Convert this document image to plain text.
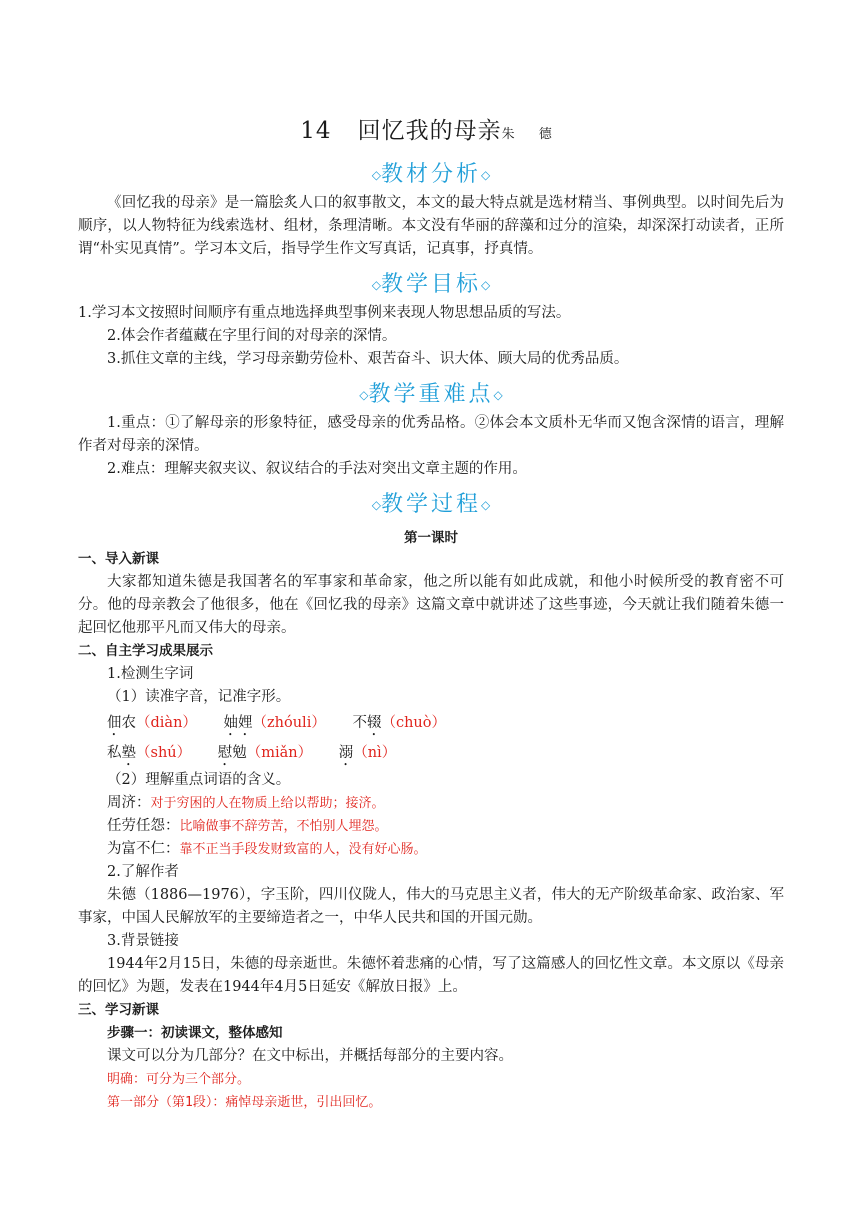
14 回忆我的母亲朱 德
◇教材分析◇

《回忆我的母亲》是一篇脍炙人口的叙事散文，本文的最大特点就是选材精当、事例典型。以时间先后为顺序，以人物特征为线索选材、组材，条理清晰。本文没有华丽的辞藻和过分的渲染，却深深打动读者，正所谓“朴实见真情”。学习本文后，指导学生作文写真话，记真事，抒真情。

◇教学目标◇

1.学习本文按照时间顺序有重点地选择典型事例来表现人物思想品质的写法。

2.体会作者蕴藏在字里行间的对母亲的深情。

3.抓住文章的主线，学习母亲勤劳俭朴、艰苦奋斗、识大体、顾大局的优秀品质。

◇教学重难点◇

1.重点：①了解母亲的形象特征，感受母亲的优秀品格。②体会本文质朴无华而又饱含深情的语言，理解作者对母亲的深情。

2.难点：理解夹叙夹议、叙议结合的手法对突出文章主题的作用。

◇教学过程◇
第一课时

一、导入新课

大家都知道朱德是我国著名的军事家和革命家，他之所以能有如此成就，和他小时候所受的教育密不可分。他的母亲教会了他很多，他在《回忆我的母亲》这篇文章中就讲述了这些事迹，今天就让我们随着朱德一起回忆他那平凡而又伟大的母亲。

二、自主学习成果展示

1.检测生字词

（1）读准字音，记准字形。

佃农（diàn） 妯娌（zhóuli） 不辍（chuò）
私塾（shú） 慰勉（miǎn） 溺（nì）

（2）理解重点词语的含义。

周济：对于穷困的人在物质上给以帮助；接济。

任劳任怨：比喻做事不辞劳苦，不怕别人埋怨。

为富不仁：靠不正当手段发财致富的人，没有好心肠。

2.了解作者

朱德（1886—1976），字玉阶，四川仪陇人，伟大的马克思主义者，伟大的无产阶级革命家、政治家、军事家，中国人民解放军的主要缔造者之一，中华人民共和国的开国元勋。

3.背景链接

1944年2月15日，朱德的母亲逝世。朱德怀着悲痛的心情，写了这篇感人的回忆性文章。本文原以《母亲的回忆》为题，发表在1944年4月5日延安《解放日报》上。

三、学习新课

步骤一：初读课文，整体感知

课文可以分为几部分？在文中标出，并概括每部分的主要内容。

明确：可分为三个部分。

第一部分（第1段）：痛悼母亲逝世，引出回忆。
